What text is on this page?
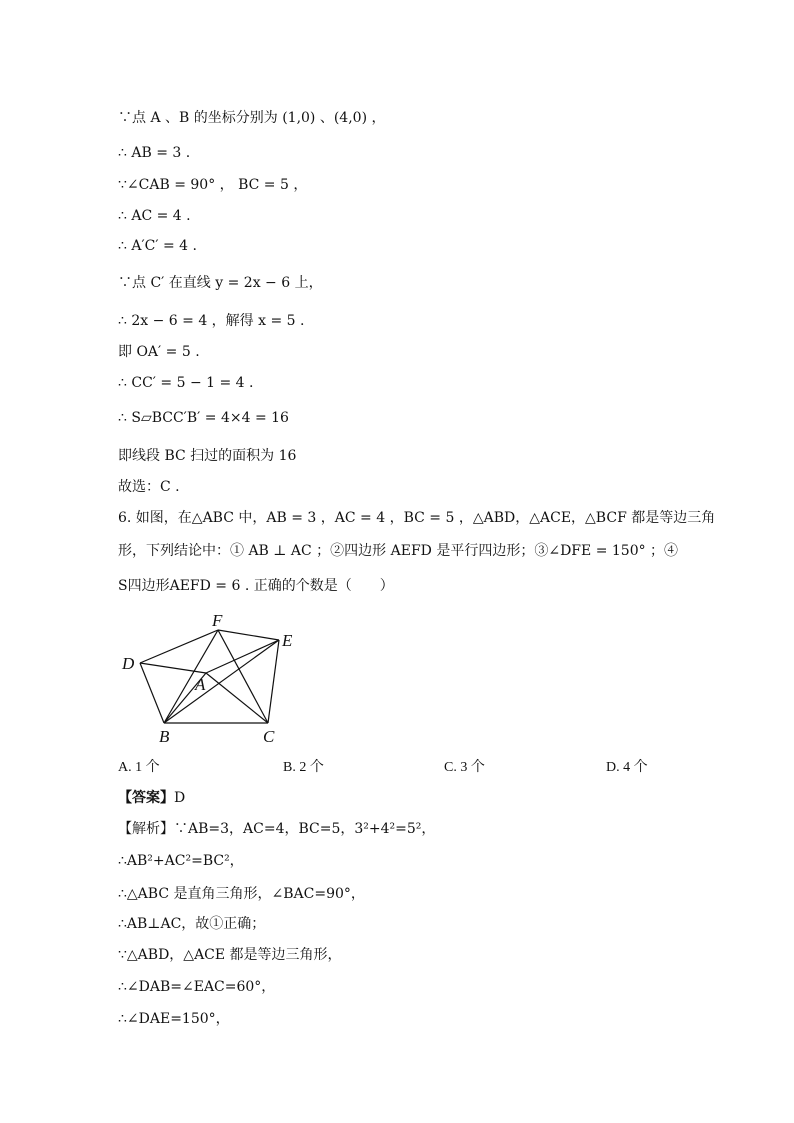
∵点 A 、B 的坐标分别为 (1,0) 、(4,0) ，
∴ AB = 3 .
∵∠CAB = 90° ， BC = 5 ，
∴ AC = 4 .
∴ A′C′ = 4 .
∵点 C′ 在直线 y = 2x − 6 上，
∴ 2x − 6 = 4 ，解得 x = 5 .
即 OA′ = 5 .
∴ CC′ = 5 − 1 = 4 .
∴ S▱BCC′B′ = 4×4 = 16
即线段 BC 扫过的面积为 16
故选：C .
6. 如图，在△ABC 中，AB = 3 ，AC = 4 ，BC = 5 ，△ABD，△ACE，△BCF 都是等边三角
形，下列结论中：① AB ⊥ AC ；②四边形 AEFD 是平行四边形；③∠DFE = 150° ；④
S四边形AEFD = 6 . 正确的个数是（　　）
F
E
D
A
B	C
A. 1 个	B. 2 个	C. 3 个	D. 4 个
【答案】D
【解析】∵AB=3，AC=4，BC=5，3²+4²=5²，
∴AB²+AC²=BC²，
∴△ABC 是直角三角形，∠BAC=90°，
∴AB⊥AC，故①正确；
∵△ABD，△ACE 都是等边三角形，
∴∠DAB=∠EAC=60°，
∴∠DAE=150°，
